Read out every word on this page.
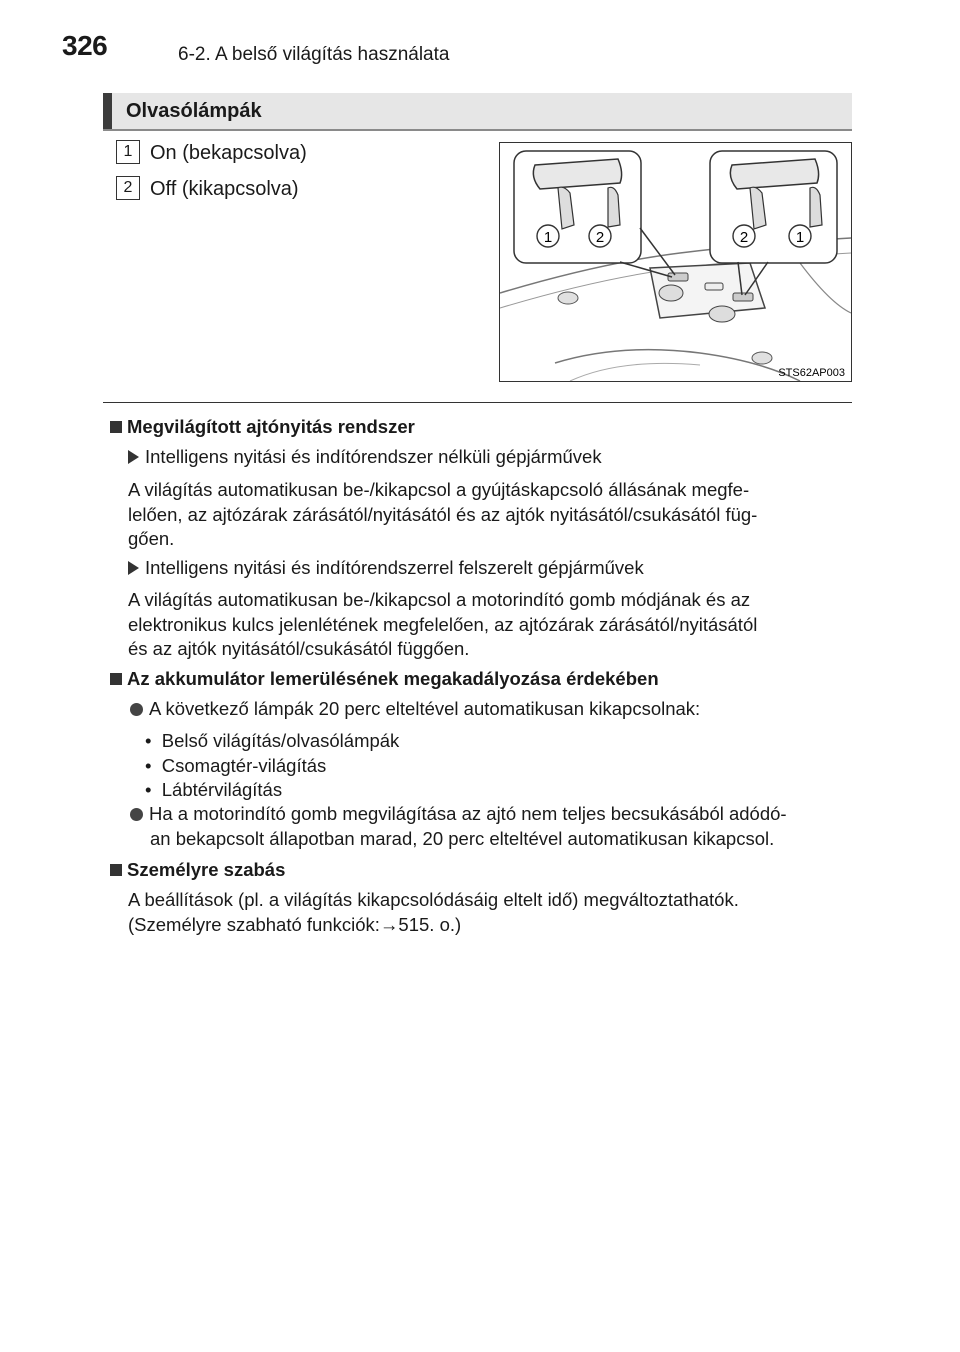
326	6-2. A belső világítás használata
Olvasólámpák
1 On (bekapcsolva)
2 Off (kikapcsolva)
1	2	2	1
STS62AP003
Megvilágított ajtónyitás rendszer
Intelligens nyitási és indítórendszer nélküli gépjárművek
A világítás automatikusan be-/kikapcsol a gyújtáskapcsoló állásának megfe-
lelően, az ajtózárak zárásától/nyitásától és az ajtók nyitásától/csukásától füg-
gően.
Intelligens nyitási és indítórendszerrel felszerelt gépjárművek
A világítás automatikusan be-/kikapcsol a motorindító gomb módjának és az
elektronikus kulcs jelenlétének megfelelően, az ajtózárak zárásától/nyitásától
és az ajtók nyitásától/csukásától függően.
Az akkumulátor lemerülésének megakadályozása érdekében
A következő lámpák 20 perc elteltével automatikusan kikapcsolnak:
•  Belső világítás/olvasólámpák
•  Csomagtér-világítás
•  Lábtérvilágítás
Ha a motorindító gomb megvilágítása az ajtó nem teljes becsukásából adódó-
an bekapcsolt állapotban marad, 20 perc elteltével automatikusan kikapcsol.
Személyre szabás
A beállítások (pl. a világítás kikapcsolódásáig eltelt idő) megváltoztathatók.
(Személyre szabható funkciók:→515. o.)
